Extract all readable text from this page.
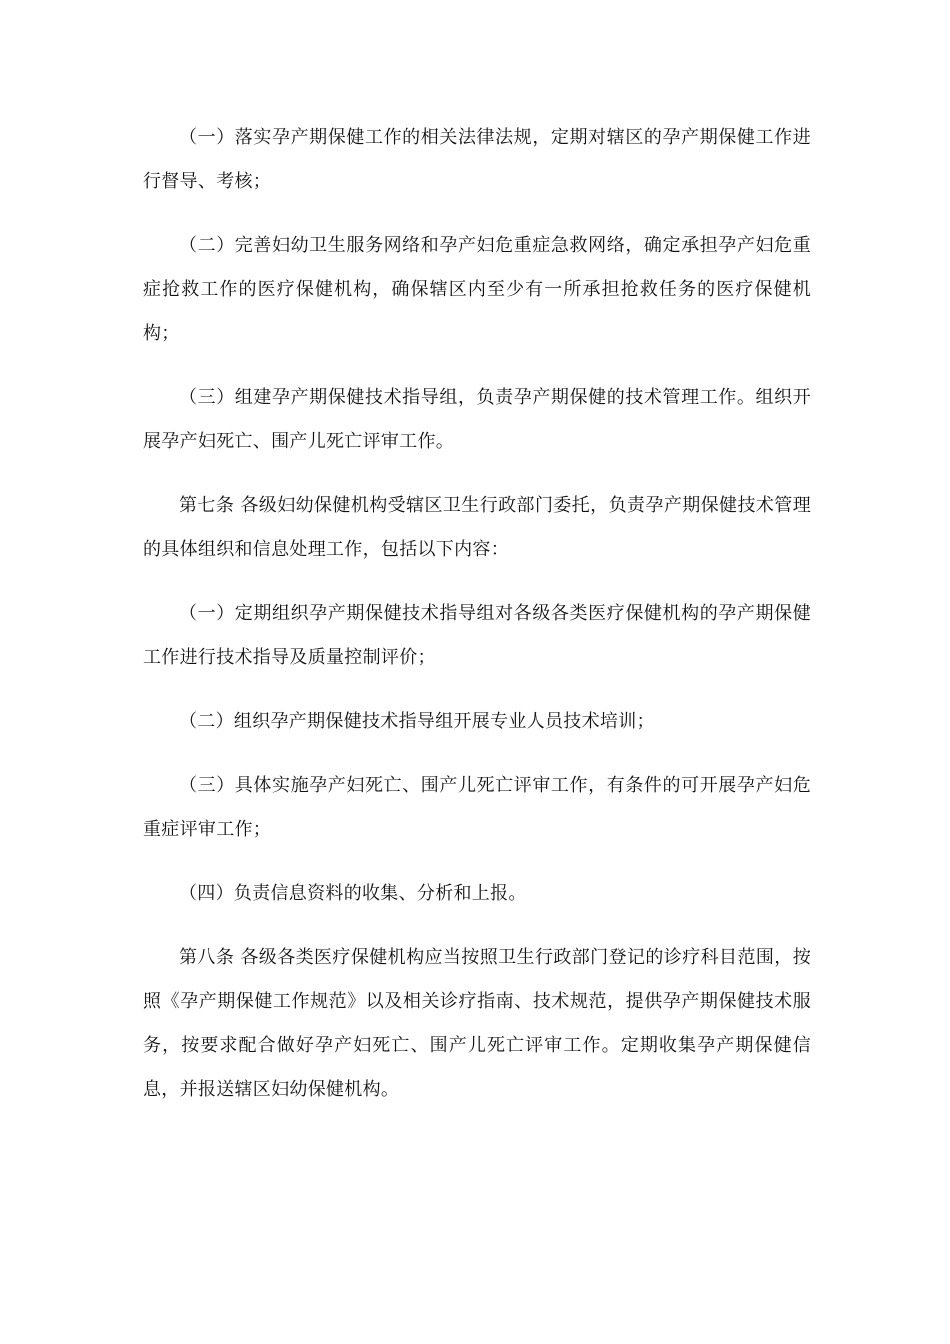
（一）落实孕产期保健工作的相关法律法规，定期对辖区的孕产期保健工作进行督导、考核；

（二）完善妇幼卫生服务网络和孕产妇危重症急救网络，确定承担孕产妇危重症抢救工作的医疗保健机构，确保辖区内至少有一所承担抢救任务的医疗保健机构；

（三）组建孕产期保健技术指导组，负责孕产期保健的技术管理工作。组织开展孕产妇死亡、围产儿死亡评审工作。

第七条 各级妇幼保健机构受辖区卫生行政部门委托，负责孕产期保健技术管理的具体组织和信息处理工作，包括以下内容：

（一）定期组织孕产期保健技术指导组对各级各类医疗保健机构的孕产期保健工作进行技术指导及质量控制评价；

（二）组织孕产期保健技术指导组开展专业人员技术培训；

（三）具体实施孕产妇死亡、围产儿死亡评审工作，有条件的可开展孕产妇危重症评审工作；

（四）负责信息资料的收集、分析和上报。

第八条 各级各类医疗保健机构应当按照卫生行政部门登记的诊疗科目范围，按照《孕产期保健工作规范》以及相关诊疗指南、技术规范，提供孕产期保健技术服务，按要求配合做好孕产妇死亡、围产儿死亡评审工作。定期收集孕产期保健信息，并报送辖区妇幼保健机构。
